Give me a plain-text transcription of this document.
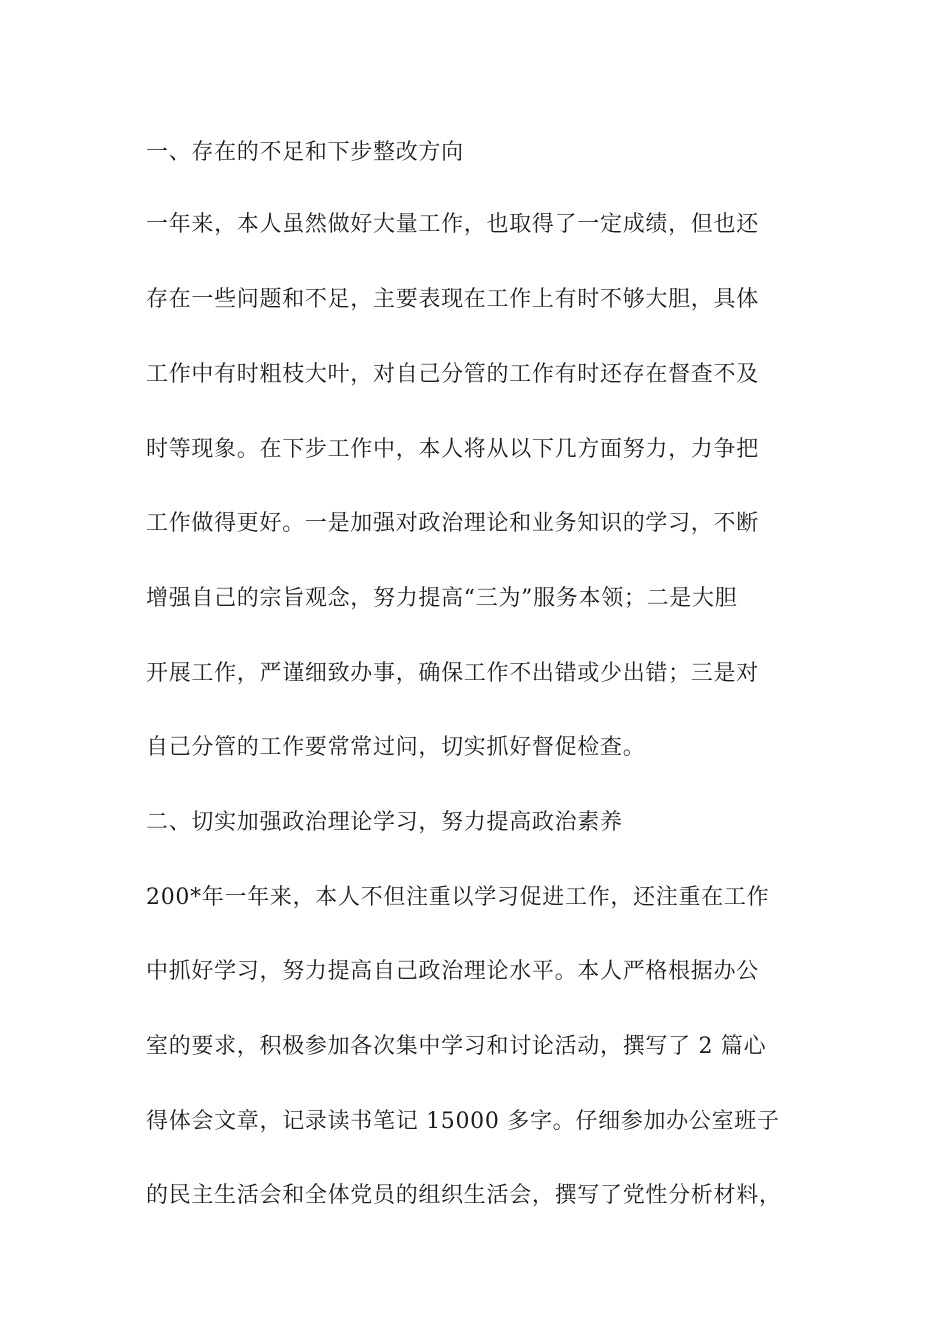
一、存在的不足和下步整改方向
一年来，本人虽然做好大量工作，也取得了一定成绩，但也还
存在一些问题和不足，主要表现在工作上有时不够大胆，具体
工作中有时粗枝大叶，对自己分管的工作有时还存在督查不及
时等现象。在下步工作中，本人将从以下几方面努力，力争把
工作做得更好。一是加强对政治理论和业务知识的学习，不断
增强自己的宗旨观念，努力提高“三为”服务本领；二是大胆
开展工作，严谨细致办事，确保工作不出错或少出错；三是对
自己分管的工作要常常过问，切实抓好督促检查。
二、切实加强政治理论学习，努力提高政治素养
200*年一年来，本人不但注重以学习促进工作，还注重在工作
中抓好学习，努力提高自己政治理论水平。本人严格根据办公
室的要求，积极参加各次集中学习和讨论活动，撰写了 2 篇心
得体会文章，记录读书笔记 15000 多字。仔细参加办公室班子
的民主生活会和全体党员的组织生活会，撰写了党性分析材料，
